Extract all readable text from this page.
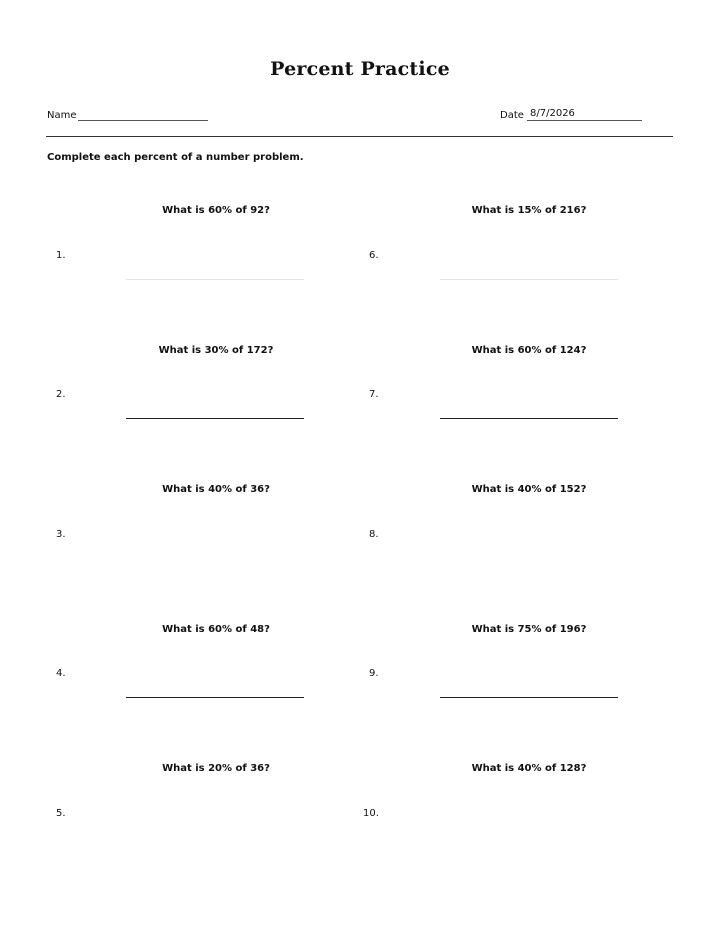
Percent Practice
Name	Date 8/7/2026
Complete each percent of a number problem.
What is 60% of 92?
1.
What is 30% of 172?
2.
What is 40% of 36?
3.
What is 60% of 48?
4.
What is 20% of 36?
5.
What is 15% of 216?
6.
What is 60% of 124?
7.
What is 40% of 152?
8.
What is 75% of 196?
9.
What is 40% of 128?
10.
